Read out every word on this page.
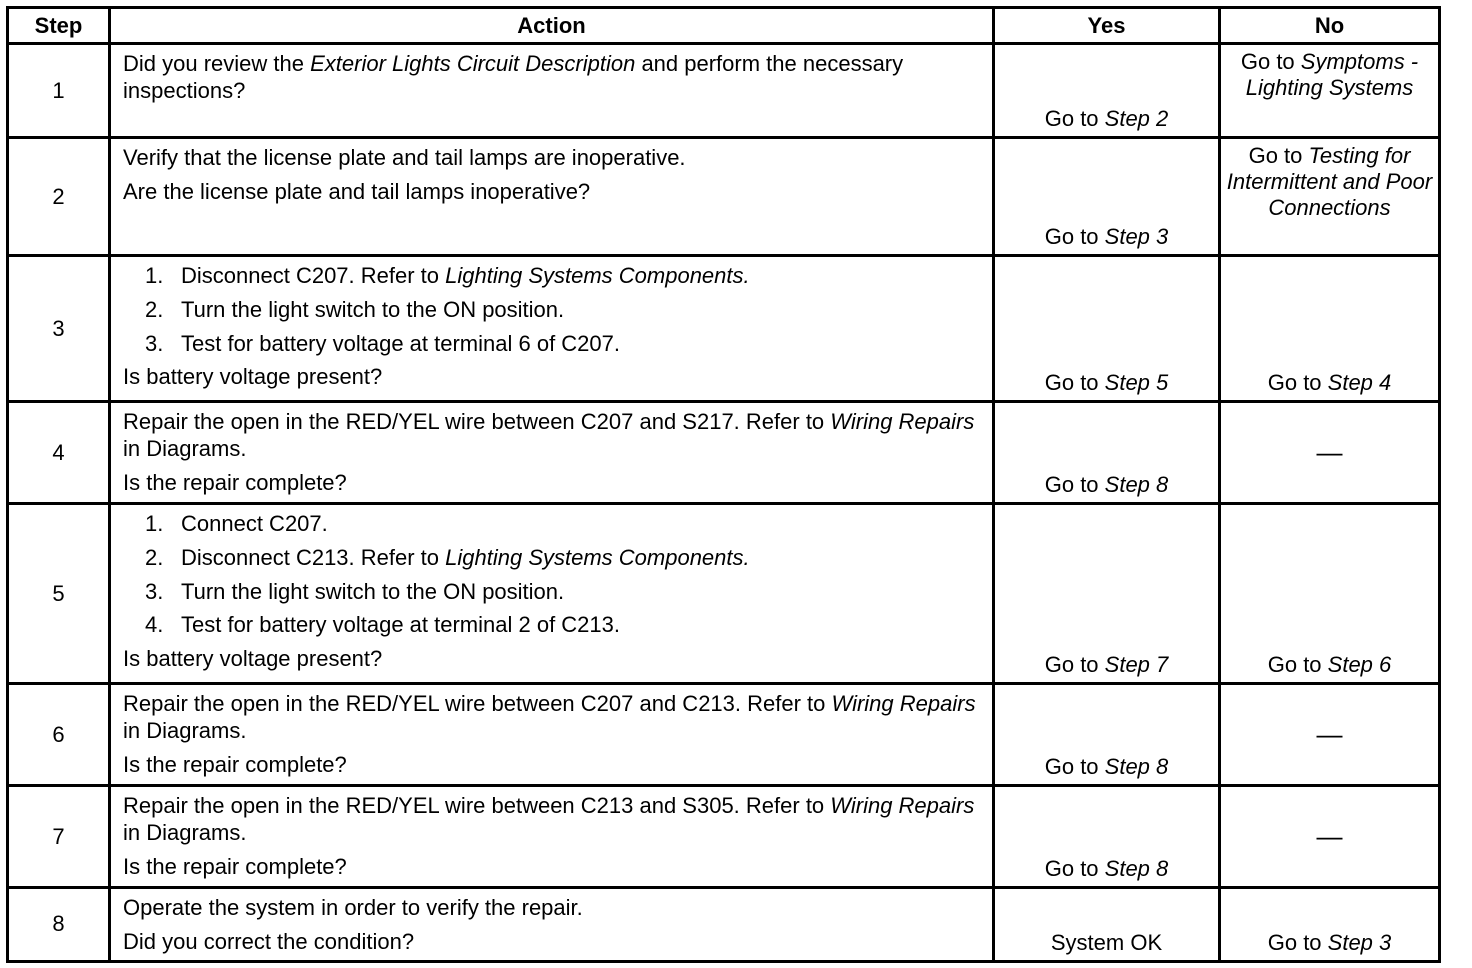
Step	Action	Yes	No
1	Did you review the Exterior Lights Circuit Description and perform the necessary inspections?	Go to Step 2	Go to Symptoms - Lighting Systems
2	Verify that the license plate and tail lamps are inoperative.

Are the license plate and tail lamps inoperative?	Go to Step 3	Go to Testing for Intermittent and Poor Connections
3	1. Disconnect C207. Refer to Lighting Systems Components.

2. Turn the light switch to the ON position.

3. Test for battery voltage at terminal 6 of C207.

Is battery voltage present?	Go to Step 5	Go to Step 4
4	Repair the open in the RED/YEL wire between C207 and S217. Refer to Wiring Repairs in Diagrams.

Is the repair complete?	Go to Step 8	—
5	1. Connect C207.

2. Disconnect C213. Refer to Lighting Systems Components.

3. Turn the light switch to the ON position.

4. Test for battery voltage at terminal 2 of C213.

Is battery voltage present?	Go to Step 7	Go to Step 6
6	Repair the open in the RED/YEL wire between C207 and C213. Refer to Wiring Repairs in Diagrams.

Is the repair complete?	Go to Step 8	—
7	Repair the open in the RED/YEL wire between C213 and S305. Refer to Wiring Repairs in Diagrams.

Is the repair complete?	Go to Step 8	—
8	Operate the system in order to verify the repair.

Did you correct the condition?	System OK	Go to Step 3
